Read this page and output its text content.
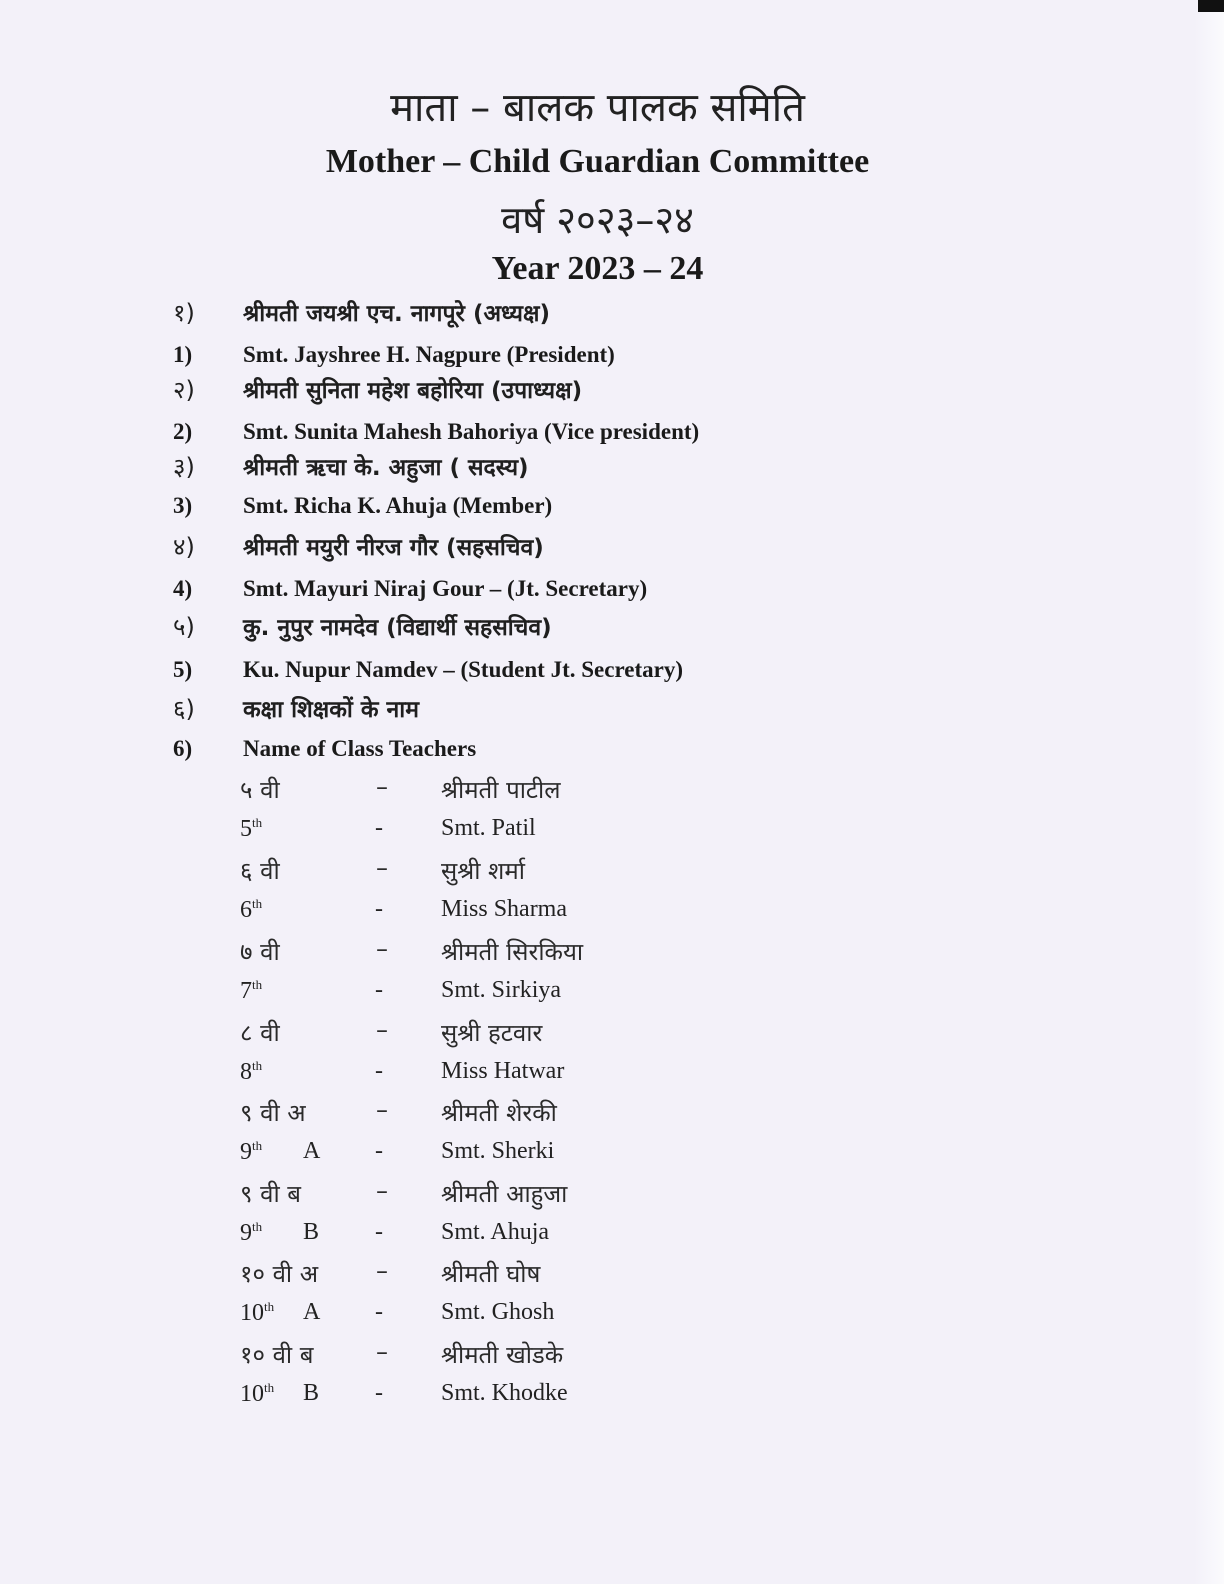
माता – बालक पालक समिति
Mother – Child Guardian Committee
वर्ष २०२३–२४
Year 2023 – 24
१) श्रीमती जयश्री एच. नागपूरे (अध्यक्ष)
1) Smt. Jayshree H. Nagpure (President)
२) श्रीमती सुनिता महेश बहोरिया (उपाध्यक्ष)
2) Smt. Sunita Mahesh Bahoriya (Vice president)
३) श्रीमती ऋचा के. अहुजा ( सदस्य)
3) Smt. Richa K. Ahuja (Member)
४) श्रीमती मयुरी नीरज गौर (सहसचिव)
4) Smt. Mayuri Niraj Gour – (Jt. Secretary)
५) कु. नुपुर नामदेव (विद्यार्थी सहसचिव)
5) Ku. Nupur Namdev – (Student Jt. Secretary)
६) कक्षा शिक्षकों के नाम
6) Name of Class Teachers
५ वी	– श्रीमती पाटील
5th	- Smt. Patil
६ वी	– सुश्री शर्मा
6th	- Miss Sharma
७ वी	– श्रीमती सिरकिया
7th	- Smt. Sirkiya
८ वी	– सुश्री हटवार
8th	- Miss Hatwar
९ वी अ	– श्रीमती शेरकी
9th A - Smt. Sherki
९ वी ब	– श्रीमती आहुजा
9th B - Smt. Ahuja
१० वी अ – श्रीमती घोष
10th A - Smt. Ghosh
१० वी ब	– श्रीमती खोडके
10th B - Smt. Khodke
